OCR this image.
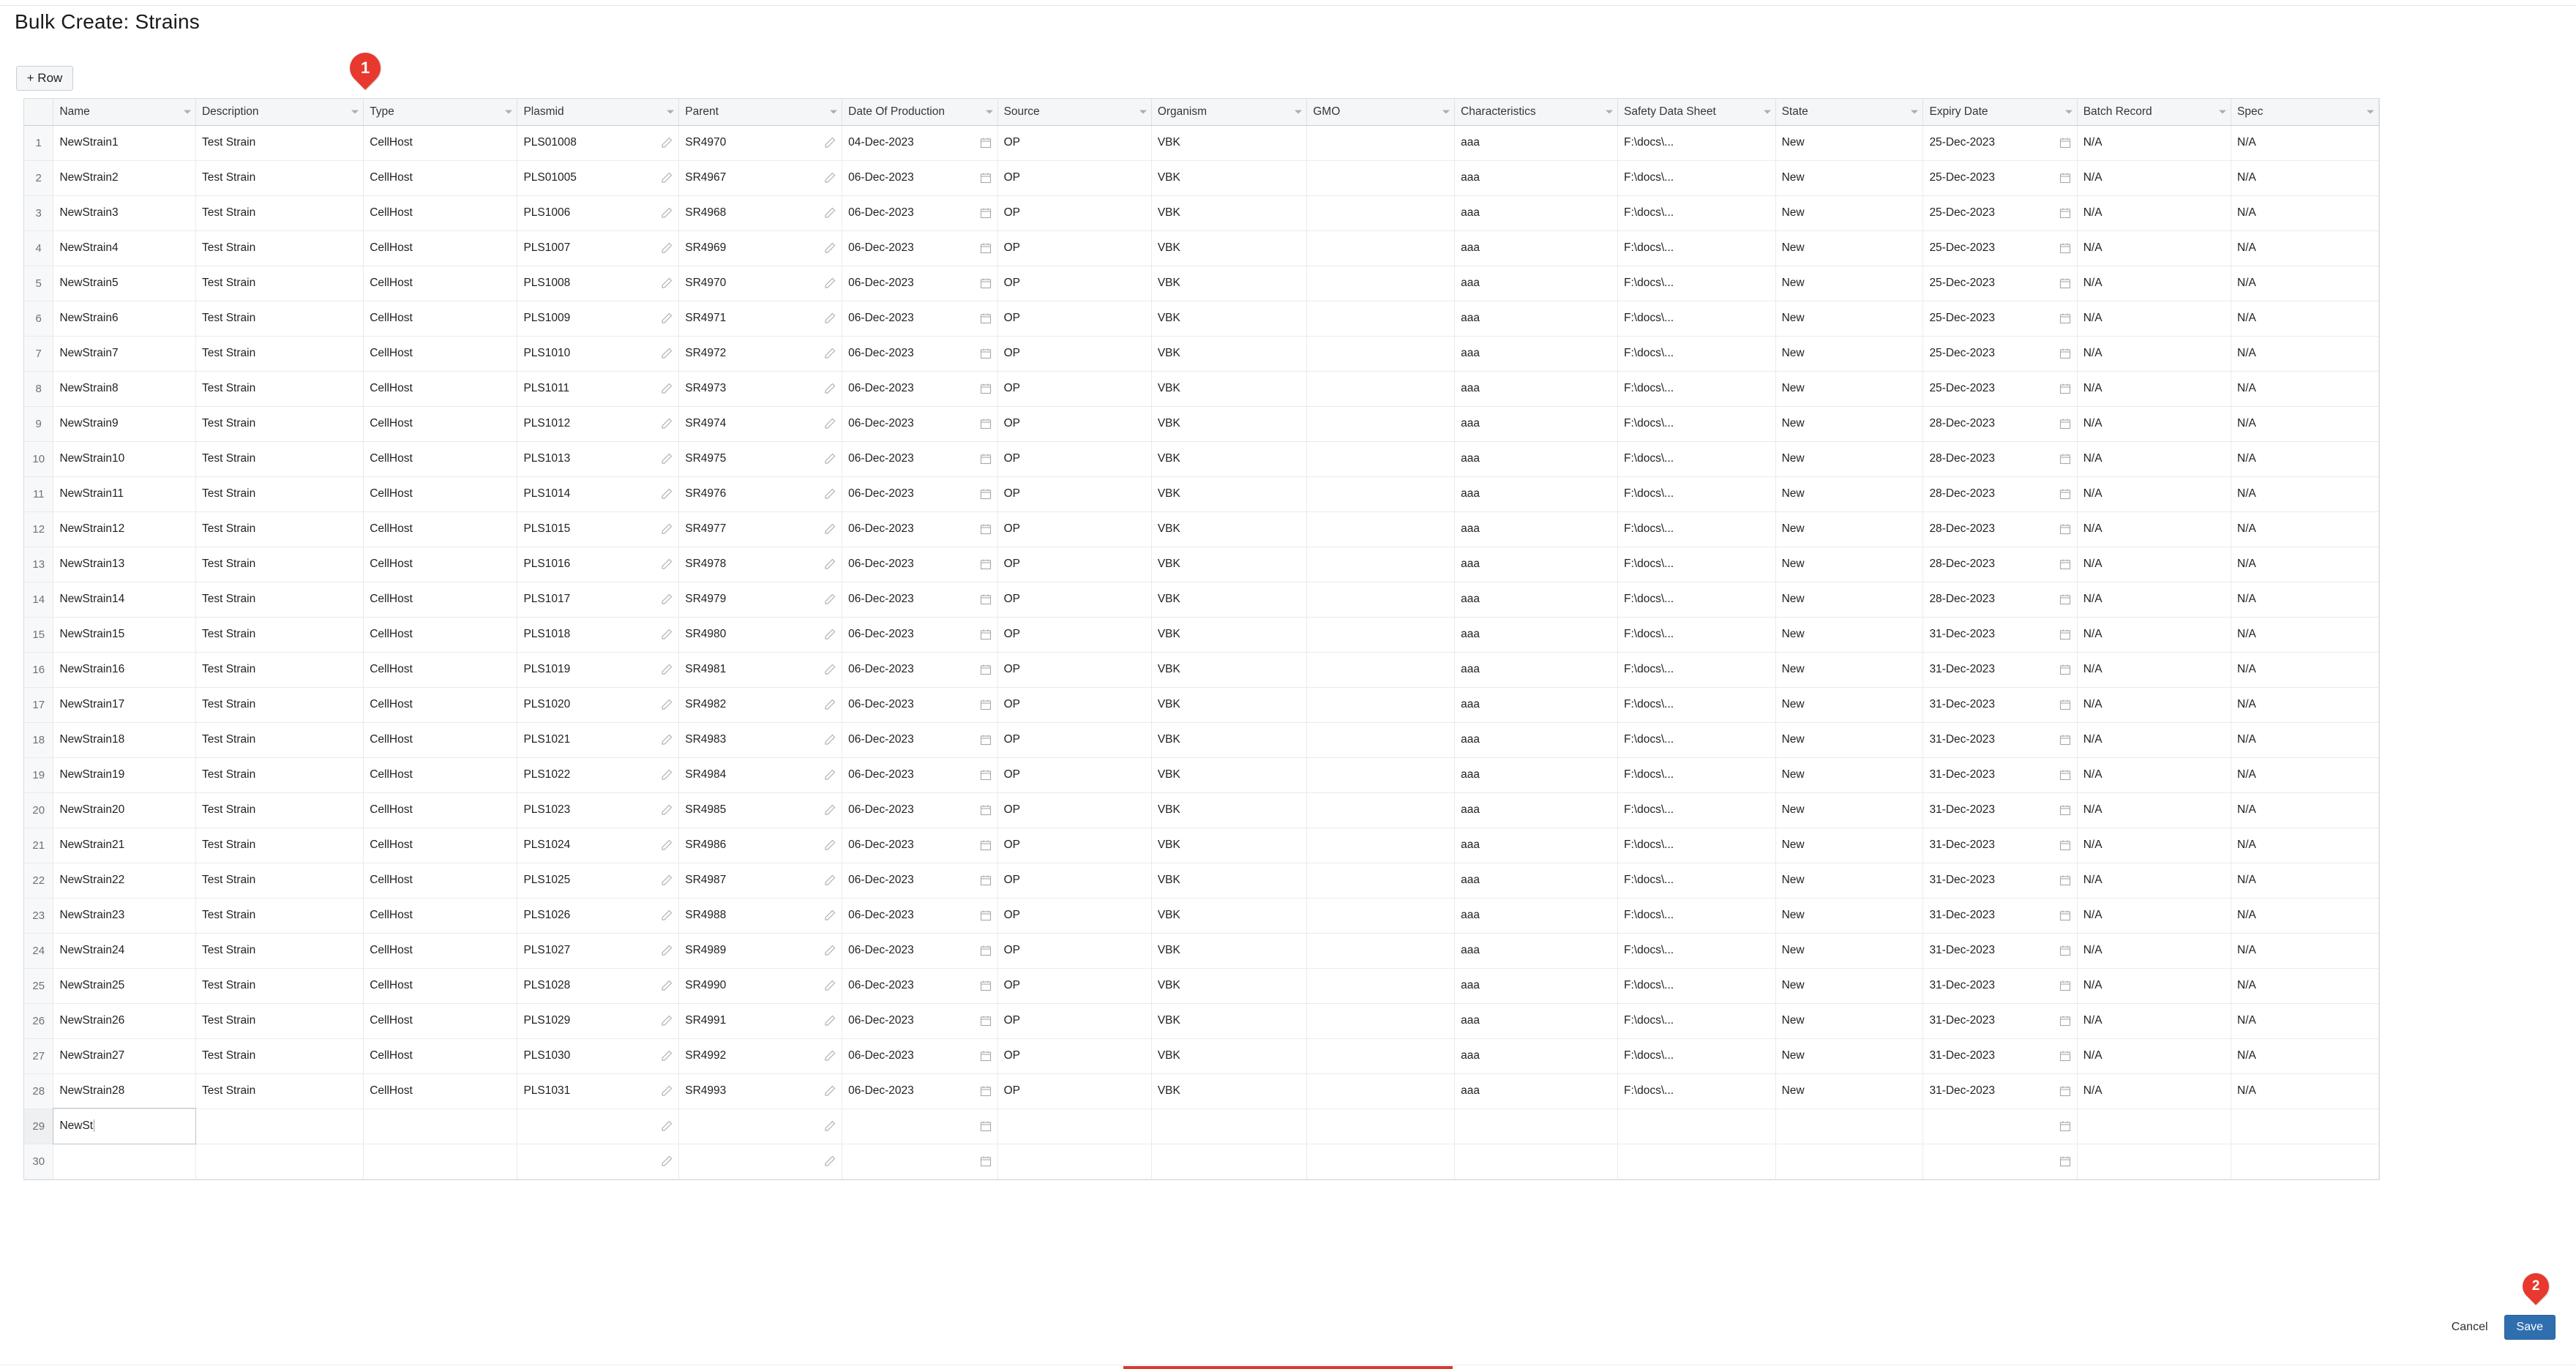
Bulk Create: Strains
+ Row
1
	Name	Description	Type	Plasmid	Parent	Date Of Production	Source	Organism	GMO	Characteristics	Safety Data Sheet	State	Expiry Date	Batch Record	Spec

1	NewStrain1	Test Strain	CellHost	PLS01008	SR4970	04-Dec-2023	OP	VBK		aaa	F:\docs\...	New	25-Dec-2023	N/A	N/A
2	NewStrain2	Test Strain	CellHost	PLS01005	SR4967	06-Dec-2023	OP	VBK		aaa	F:\docs\...	New	25-Dec-2023	N/A	N/A
3	NewStrain3	Test Strain	CellHost	PLS1006	SR4968	06-Dec-2023	OP	VBK		aaa	F:\docs\...	New	25-Dec-2023	N/A	N/A
4	NewStrain4	Test Strain	CellHost	PLS1007	SR4969	06-Dec-2023	OP	VBK		aaa	F:\docs\...	New	25-Dec-2023	N/A	N/A
5	NewStrain5	Test Strain	CellHost	PLS1008	SR4970	06-Dec-2023	OP	VBK		aaa	F:\docs\...	New	25-Dec-2023	N/A	N/A
6	NewStrain6	Test Strain	CellHost	PLS1009	SR4971	06-Dec-2023	OP	VBK		aaa	F:\docs\...	New	25-Dec-2023	N/A	N/A
7	NewStrain7	Test Strain	CellHost	PLS1010	SR4972	06-Dec-2023	OP	VBK		aaa	F:\docs\...	New	25-Dec-2023	N/A	N/A
8	NewStrain8	Test Strain	CellHost	PLS1011	SR4973	06-Dec-2023	OP	VBK		aaa	F:\docs\...	New	25-Dec-2023	N/A	N/A
9	NewStrain9	Test Strain	CellHost	PLS1012	SR4974	06-Dec-2023	OP	VBK		aaa	F:\docs\...	New	28-Dec-2023	N/A	N/A
10	NewStrain10	Test Strain	CellHost	PLS1013	SR4975	06-Dec-2023	OP	VBK		aaa	F:\docs\...	New	28-Dec-2023	N/A	N/A
11	NewStrain11	Test Strain	CellHost	PLS1014	SR4976	06-Dec-2023	OP	VBK		aaa	F:\docs\...	New	28-Dec-2023	N/A	N/A
12	NewStrain12	Test Strain	CellHost	PLS1015	SR4977	06-Dec-2023	OP	VBK		aaa	F:\docs\...	New	28-Dec-2023	N/A	N/A
13	NewStrain13	Test Strain	CellHost	PLS1016	SR4978	06-Dec-2023	OP	VBK		aaa	F:\docs\...	New	28-Dec-2023	N/A	N/A
14	NewStrain14	Test Strain	CellHost	PLS1017	SR4979	06-Dec-2023	OP	VBK		aaa	F:\docs\...	New	28-Dec-2023	N/A	N/A
15	NewStrain15	Test Strain	CellHost	PLS1018	SR4980	06-Dec-2023	OP	VBK		aaa	F:\docs\...	New	31-Dec-2023	N/A	N/A
16	NewStrain16	Test Strain	CellHost	PLS1019	SR4981	06-Dec-2023	OP	VBK		aaa	F:\docs\...	New	31-Dec-2023	N/A	N/A
17	NewStrain17	Test Strain	CellHost	PLS1020	SR4982	06-Dec-2023	OP	VBK		aaa	F:\docs\...	New	31-Dec-2023	N/A	N/A
18	NewStrain18	Test Strain	CellHost	PLS1021	SR4983	06-Dec-2023	OP	VBK		aaa	F:\docs\...	New	31-Dec-2023	N/A	N/A
19	NewStrain19	Test Strain	CellHost	PLS1022	SR4984	06-Dec-2023	OP	VBK		aaa	F:\docs\...	New	31-Dec-2023	N/A	N/A
20	NewStrain20	Test Strain	CellHost	PLS1023	SR4985	06-Dec-2023	OP	VBK		aaa	F:\docs\...	New	31-Dec-2023	N/A	N/A
21	NewStrain21	Test Strain	CellHost	PLS1024	SR4986	06-Dec-2023	OP	VBK		aaa	F:\docs\...	New	31-Dec-2023	N/A	N/A
22	NewStrain22	Test Strain	CellHost	PLS1025	SR4987	06-Dec-2023	OP	VBK		aaa	F:\docs\...	New	31-Dec-2023	N/A	N/A
23	NewStrain23	Test Strain	CellHost	PLS1026	SR4988	06-Dec-2023	OP	VBK		aaa	F:\docs\...	New	31-Dec-2023	N/A	N/A
24	NewStrain24	Test Strain	CellHost	PLS1027	SR4989	06-Dec-2023	OP	VBK		aaa	F:\docs\...	New	31-Dec-2023	N/A	N/A
25	NewStrain25	Test Strain	CellHost	PLS1028	SR4990	06-Dec-2023	OP	VBK		aaa	F:\docs\...	New	31-Dec-2023	N/A	N/A
26	NewStrain26	Test Strain	CellHost	PLS1029	SR4991	06-Dec-2023	OP	VBK		aaa	F:\docs\...	New	31-Dec-2023	N/A	N/A
27	NewStrain27	Test Strain	CellHost	PLS1030	SR4992	06-Dec-2023	OP	VBK		aaa	F:\docs\...	New	31-Dec-2023	N/A	N/A
28	NewStrain28	Test Strain	CellHost	PLS1031	SR4993	06-Dec-2023	OP	VBK		aaa	F:\docs\...	New	31-Dec-2023	N/A	N/A
29	NewSt			

30				

Cancel	Save
2
